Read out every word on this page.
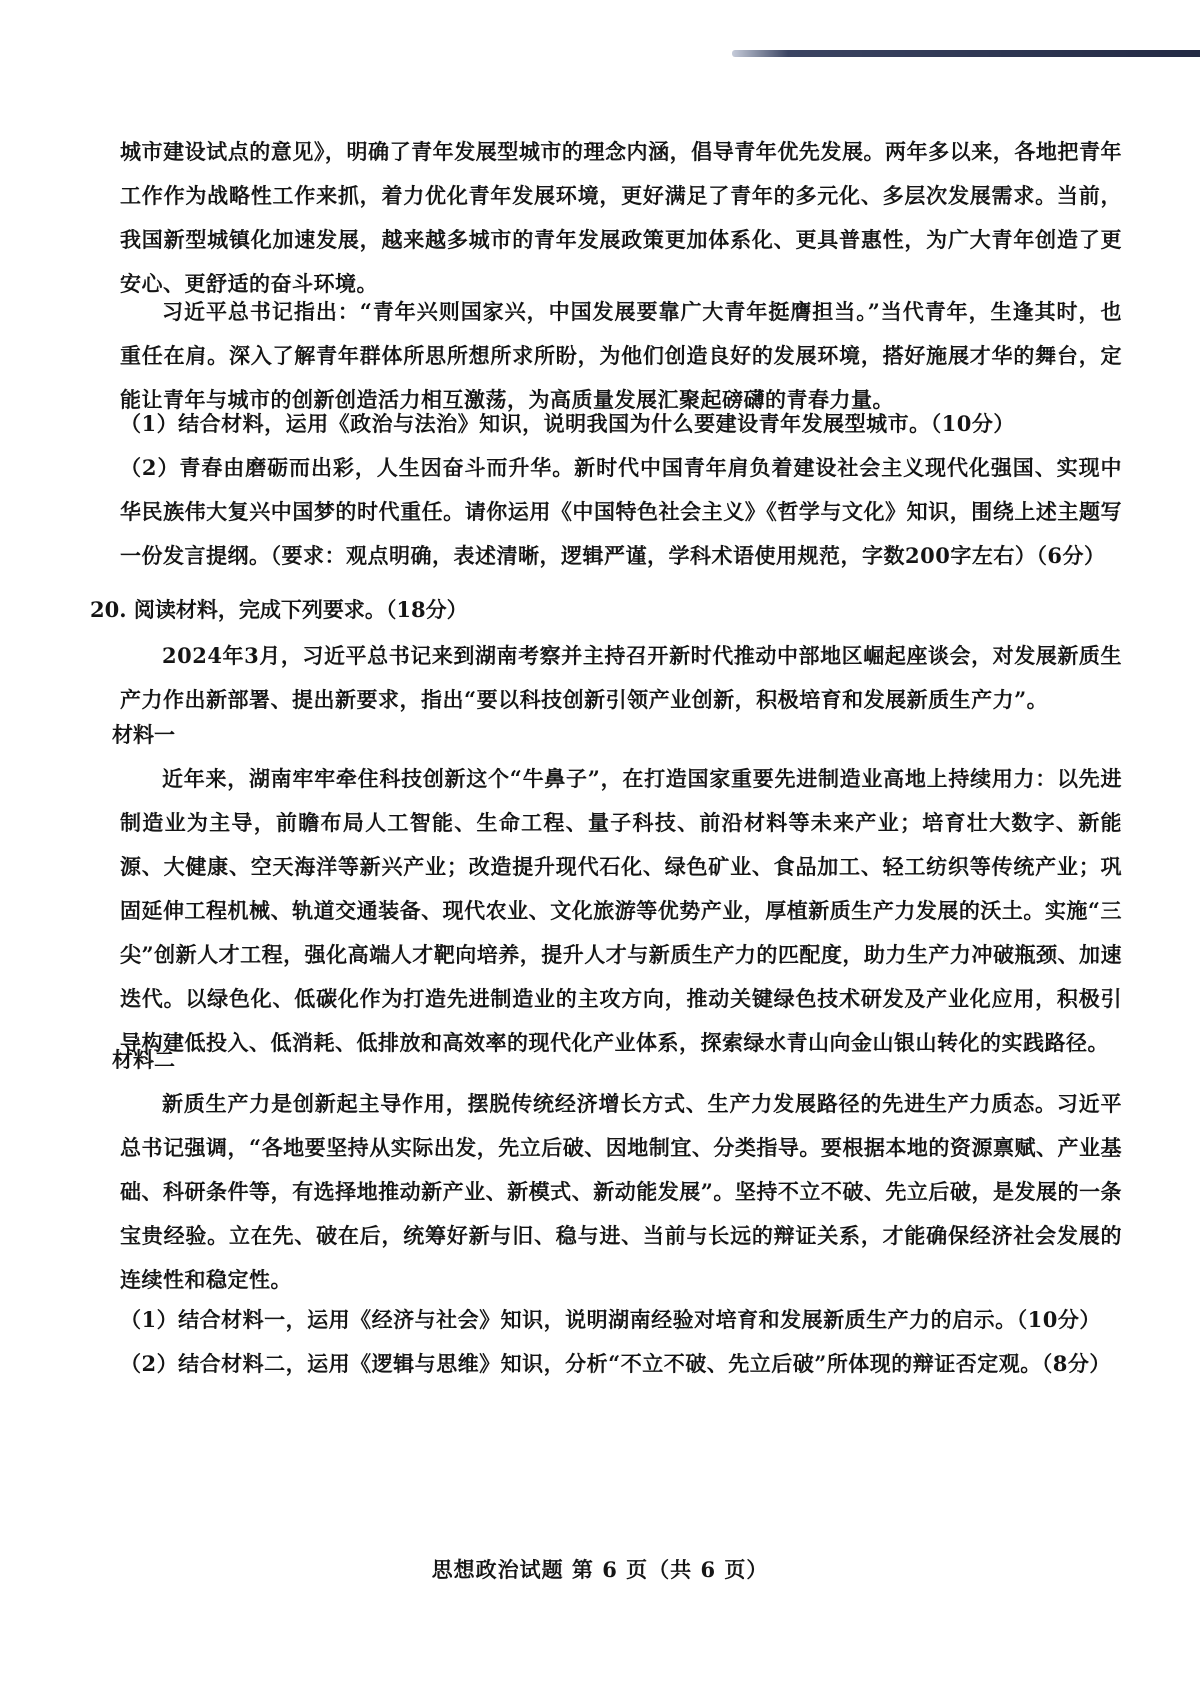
城市建设试点的意见》，明确了青年发展型城市的理念内涵，倡导青年优先发展。两年多以来，各地把青年工作作为战略性工作来抓，着力优化青年发展环境，更好满足了青年的多元化、多层次发展需求。当前，我国新型城镇化加速发展，越来越多城市的青年发展政策更加体系化、更具普惠性，为广大青年创造了更安心、更舒适的奋斗环境。

习近平总书记指出：“青年兴则国家兴，中国发展要靠广大青年挺膺担当。”当代青年，生逢其时，也重任在肩。深入了解青年群体所思所想所求所盼，为他们创造良好的发展环境，搭好施展才华的舞台，定能让青年与城市的创新创造活力相互激荡，为高质量发展汇聚起磅礴的青春力量。

（1）结合材料，运用《政治与法治》知识，说明我国为什么要建设青年发展型城市。（10分）

（2）青春由磨砺而出彩，人生因奋斗而升华。新时代中国青年肩负着建设社会主义现代化强国、实现中华民族伟大复兴中国梦的时代重任。请你运用《中国特色社会主义》《哲学与文化》知识，围绕上述主题写一份发言提纲。（要求：观点明确，表述清晰，逻辑严谨，学科术语使用规范，字数200字左右）（6分）

20. 阅读材料，完成下列要求。（18分）

2024年3月，习近平总书记来到湖南考察并主持召开新时代推动中部地区崛起座谈会，对发展新质生产力作出新部署、提出新要求，指出“要以科技创新引领产业创新，积极培育和发展新质生产力”。

材料一

近年来，湖南牢牢牵住科技创新这个“牛鼻子”，在打造国家重要先进制造业高地上持续用力：以先进制造业为主导，前瞻布局人工智能、生命工程、量子科技、前沿材料等未来产业；培育壮大数字、新能源、大健康、空天海洋等新兴产业；改造提升现代石化、绿色矿业、食品加工、轻工纺织等传统产业；巩固延伸工程机械、轨道交通装备、现代农业、文化旅游等优势产业，厚植新质生产力发展的沃土。实施“三尖”创新人才工程，强化高端人才靶向培养，提升人才与新质生产力的匹配度，助力生产力冲破瓶颈、加速迭代。以绿色化、低碳化作为打造先进制造业的主攻方向，推动关键绿色技术研发及产业化应用，积极引导构建低投入、低消耗、低排放和高效率的现代化产业体系，探索绿水青山向金山银山转化的实践路径。

材料二

新质生产力是创新起主导作用，摆脱传统经济增长方式、生产力发展路径的先进生产力质态。习近平总书记强调，“各地要坚持从实际出发，先立后破、因地制宜、分类指导。要根据本地的资源禀赋、产业基础、科研条件等，有选择地推动新产业、新模式、新动能发展”。坚持不立不破、先立后破，是发展的一条宝贵经验。立在先、破在后，统筹好新与旧、稳与进、当前与长远的辩证关系，才能确保经济社会发展的连续性和稳定性。

（1）结合材料一，运用《经济与社会》知识，说明湖南经验对培育和发展新质生产力的启示。（10分）

（2）结合材料二，运用《逻辑与思维》知识，分析“不立不破、先立后破”所体现的辩证否定观。（8分）

思想政治试题 第 6 页（共 6 页）
